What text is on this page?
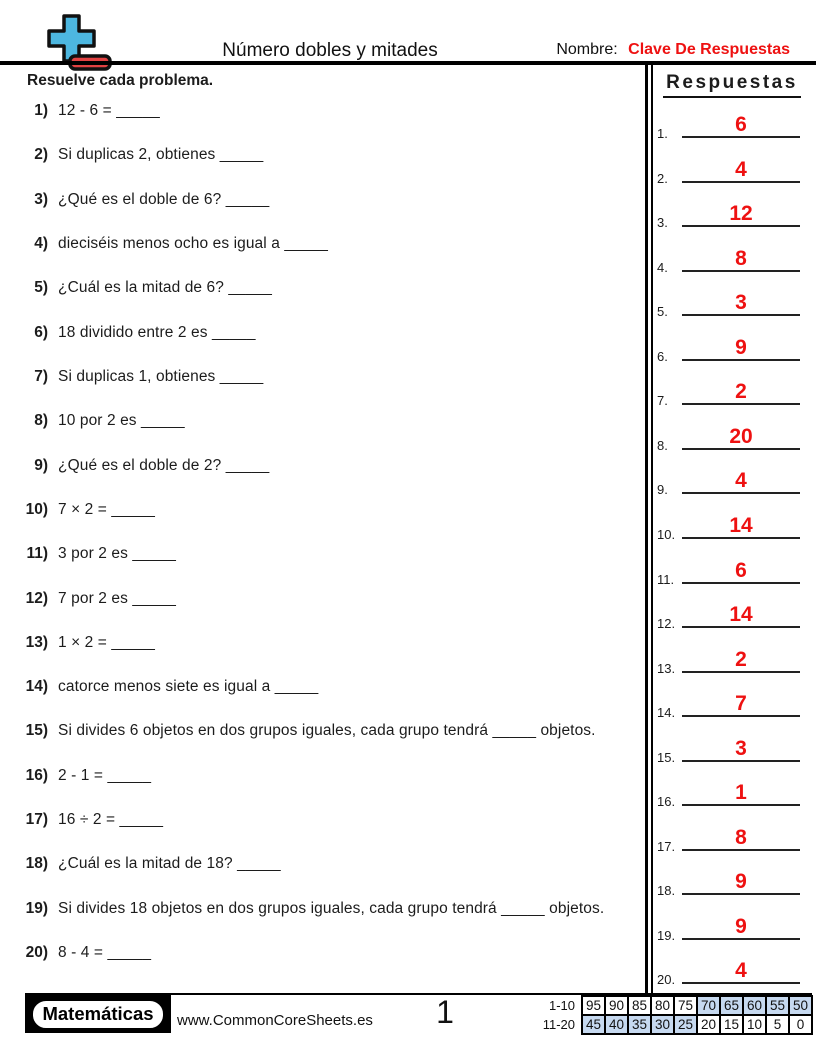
Número dobles y mitades	Nombre: Clave De Respuestas
Resuelve cada problema.
1) 12 - 6 = _____
2) Si duplicas 2, obtienes _____
3) ¿Qué es el doble de 6? _____
4) dieciséis menos ocho es igual a _____
5) ¿Cuál es la mitad de 6? _____
6) 18 dividido entre 2 es _____
7) Si duplicas 1, obtienes _____
8) 10 por 2 es _____
9) ¿Qué es el doble de 2? _____
10) 7 × 2 = _____
11) 3 por 2 es _____
12) 7 por 2 es _____
13) 1 × 2 = _____
14) catorce menos siete es igual a _____
15) Si divides 6 objetos en dos grupos iguales, cada grupo tendrá _____ objetos.
16) 2 - 1 = _____
17) 16 ÷ 2 = _____
18) ¿Cuál es la mitad de 18? _____
19) Si divides 18 objetos en dos grupos iguales, cada grupo tendrá _____ objetos.
20) 8 - 4 = _____
Respuestas
1.	6
2.	4
3.	12
4.	8
5.	3
6.	9
7.	2
8.	20
9.	4
10.	14
11.	6
12.	14
13.	2
14.	7
15.	3
16.	1
17.	8
18.	9
19.	9
20.	4
Matemáticas	www.CommonCoreSheets.es 1	1-10	95	90	85	80	75	70	65	60	55	50
11-20	45	40	35	30	25	20	15	10	5	0
